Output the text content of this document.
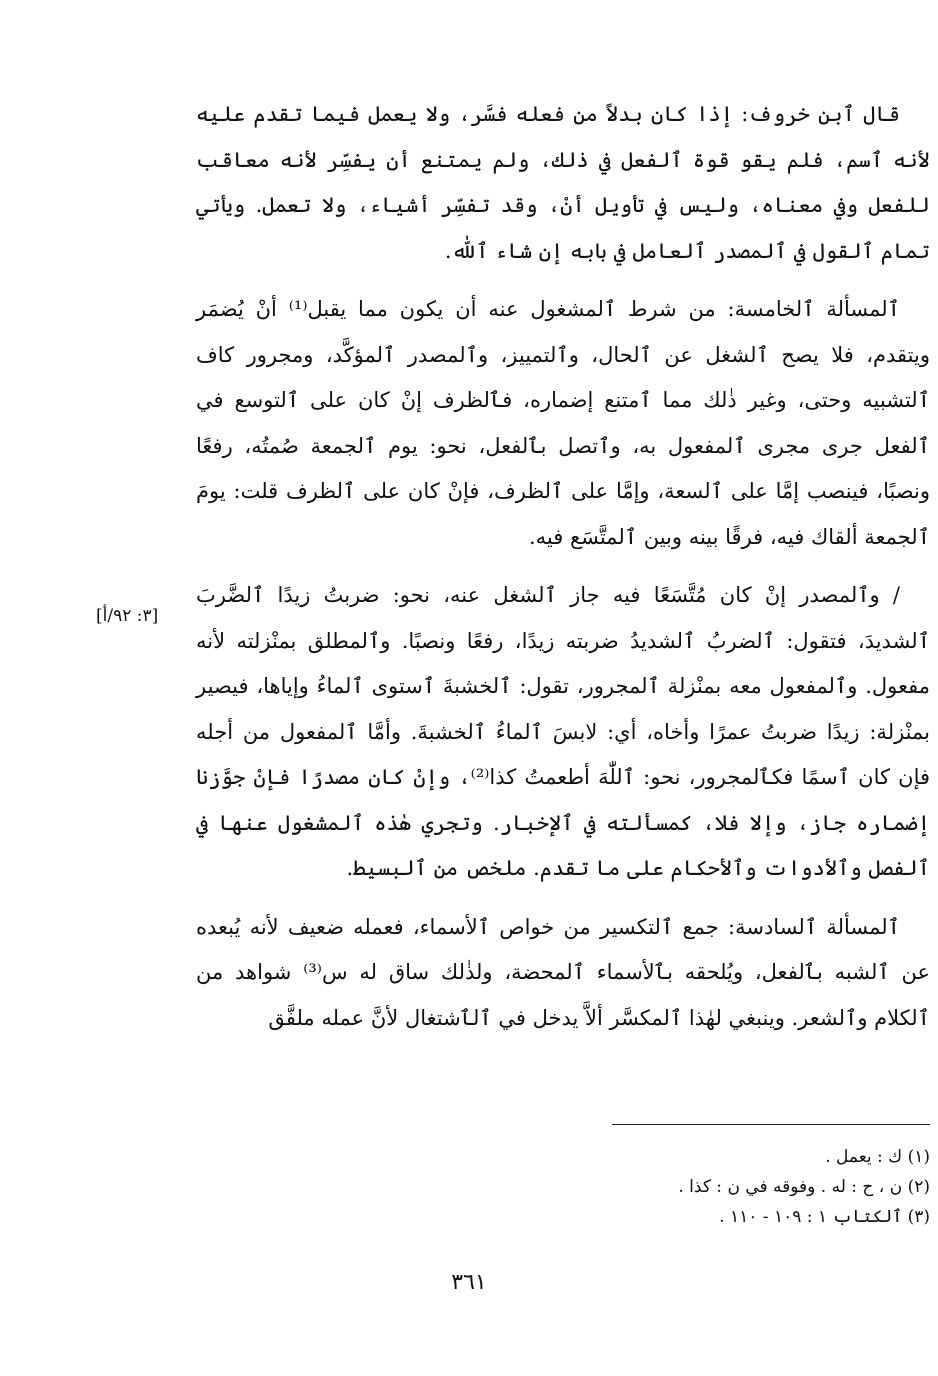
قال ٱبن خروف: إذا كان بدلاً من فعله فسَّر، ولا يعمل فيما تقدم عليه لأنه ٱسم، فلم يقو قوة ٱلفعل في ذٰلك، ولم يمتنع أن يفسِّر لأنه معاقب للفعل وفي معناه، وليس في تأويل أنْ، وقد تفسِّر أشياء، ولا تعمل. ويأتي تمام ٱلقول في ٱلمصدر ٱلعامل في بابه إن شاء ٱللّٰه.

ٱلمسألة ٱلخامسة: من شرط ٱلمشغول عنه أن يكون مما يقبل⁽¹⁾ أنْ يُضمَر ويتقدم، فلا يصح ٱلشغل عن ٱلحال، وٱلتمييز، وٱلمصدر ٱلمؤكَّد، ومجرور كاف ٱلتشبيه وحتى، وغير ذٰلك مما ٱمتنع إضماره، فٱلظرف إنْ كان على ٱلتوسع في ٱلفعل جرى مجرى ٱلمفعول به، وٱتصل بٱلفعل، نحو: يوم ٱلجمعة صُمتُه، رفعًا ونصبًا، فينصب إمَّا على ٱلسعة، وإمَّا على ٱلظرف، فإنْ كان على ٱلظرف قلت: يومَ ٱلجمعة ألقاك فيه، فرقًا بينه وبين ٱلمتَّسَع فيه.

/ وٱلمصدر إنْ كان مُتَّسَعًا فيه جاز ٱلشغل عنه، نحو: ضربتُ زيدًا ٱلضَّربَ ٱلشديدَ، فتقول: ٱلضربُ ٱلشديدُ ضربته زيدًا، رفعًا ونصبًا. وٱلمطلق بمنْزلته لأنه مفعول. وٱلمفعول معه بمنْزلة ٱلمجرور، تقول: ٱلخشبةَ ٱستوى ٱلماءُ وإياها، فيصير بمنْزلة: زيدًا ضربتُ عمرًا وأخاه، أي: لابسَ ٱلماءُ ٱلخشبةَ. وأمَّا ٱلمفعول من أجله فإن كان ٱسمًا فكٱلمجرور، نحو: ٱللّٰهَ أطعمتُ كذا⁽²⁾، وإنْ كان مصدرًا فإنْ جوَّزنا إضماره جاز، وإلا فلا، كمسألته في ٱلإخبار. وتجري هٰذه ٱلمشغول عنها في ٱلفصل وٱلأدوات وٱلأحكام على ما تقدم. ملخص من ٱلبسيط.

ٱلمسألة ٱلسادسة: جمع ٱلتكسير من خواص ٱلأسماء، فعمله ضعيف لأنه يُبعده عن ٱلشبه بٱلفعل، ويُلحقه بٱلأسماء ٱلمحضة، ولذٰلك ساق له س⁽³⁾ شواهد من ٱلكلام وٱلشعر. وينبغي لهٰذا ٱلمكسَّر ألاَّ يدخل في ٱلٱشتغال لأنَّ عمله ملفَّق

[٣: ٩٢/أ]
(١) ك : يعمل .
(٢) ن ، ح : له . وفوقه في ن : كذا .
(٣) ٱلكتاب ١ : ١٠٩ - ١١٠ .
٣٦١
